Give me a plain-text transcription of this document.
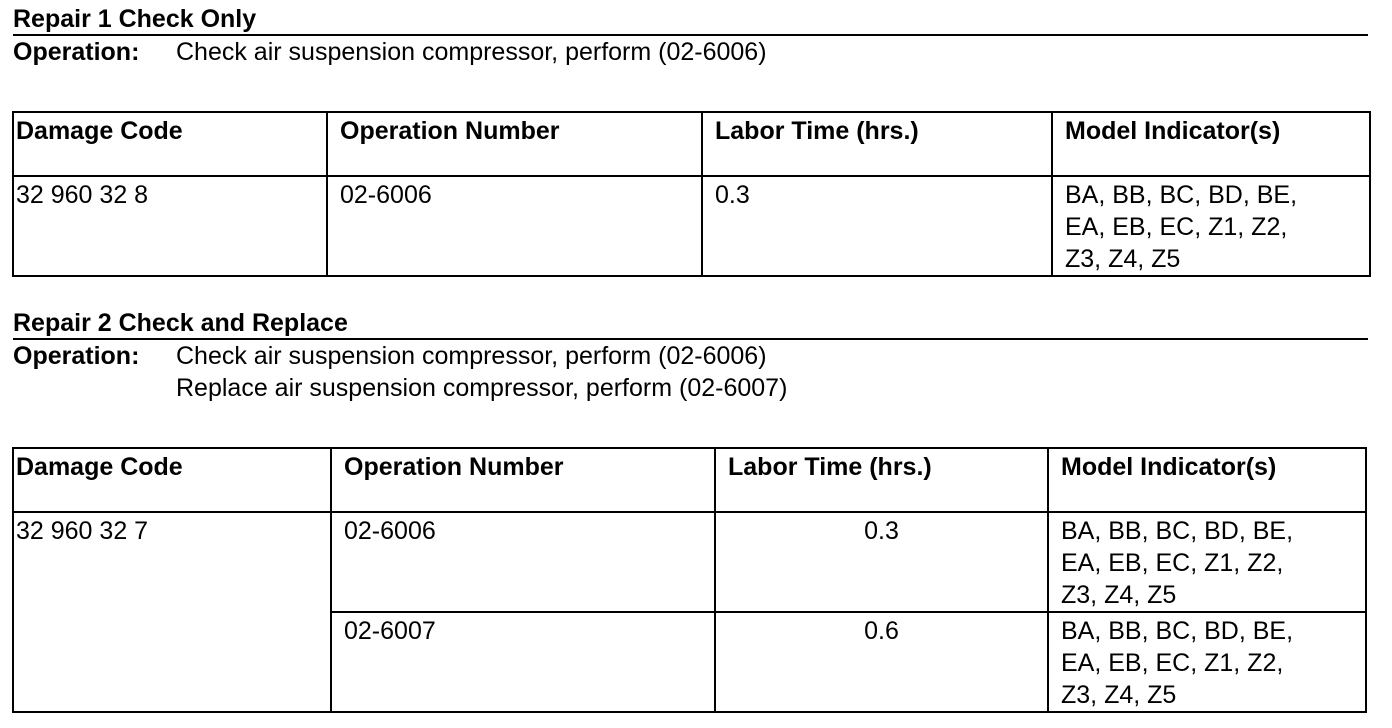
Repair 1 Check Only
Operation: Check air suspension compressor, perform (02-6006)
Damage Code	Operation Number	Labor Time (hrs.)	Model Indicator(s)
32 960 32 8	02-6006	0.3	BA, BB, BC, BD, BE,
EA, EB, EC, Z1, Z2,
Z3, Z4, Z5
Repair 2 Check and Replace
Operation: Check air suspension compressor, perform (02-6006)
Replace air suspension compressor, perform (02-6007)
Damage Code	Operation Number	Labor Time (hrs.)	Model Indicator(s)
32 960 32 7	02-6006	0.3	BA, BB, BC, BD, BE,
EA, EB, EC, Z1, Z2,
Z3, Z4, Z5

	02-6007	0.6	BA, BB, BC, BD, BE,
EA, EB, EC, Z1, Z2,
Z3, Z4, Z5
